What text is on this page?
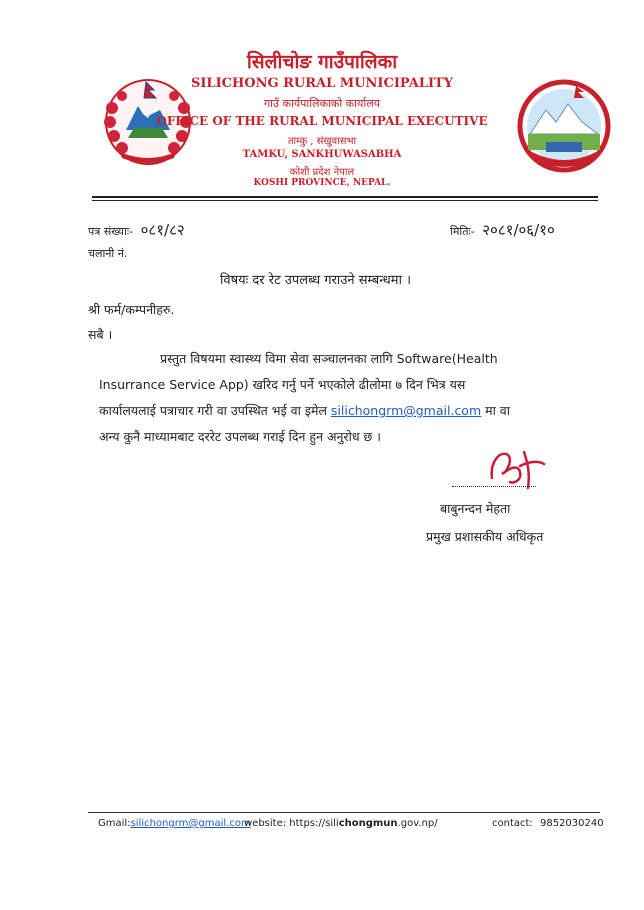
सिलीचोङ गाउँपालिका
SILICHONG RURAL MUNICIPALITY
गाउँ कार्यपालिकाको कार्यालय
OFFICE OF THE RURAL MUNICIPAL EXECUTIVE
ताम्कु , संखुवासभा
TAMKU, SANKHUWASABHA
कोशी प्रदेश नेपाल
KOSHI PROVINCE, NEPAL.
पत्र संख्याः- ०८१/८२	मितिः- २०८१/०६/१०
चलानी नं.
विषयः दर रेट उपलब्ध गराउने सम्बन्धमा ।
श्री फर्म/कम्पनीहरु.
सबै ।
प्रस्तुत विषयमा स्वास्थ्य विमा सेवा सञ्चालनका लागि Software(Health
Insurrance Service App) खरिद गर्नु पर्ने भएकोले ढीलोमा ७ दिन भित्र यस
कार्यालयलाई पत्राचार गरी वा उपस्थित भई वा इमेल silichongrm@gmail.com मा वा
अन्य कुनै माध्यामबाट दररेट उपलब्ध गराई दिन हुन अनुरोध छ ।
बाबुनन्दन मेहता
प्रमुख प्रशासकीय अधिकृत
Gmail:silichongrm@gmail.com
website: https://silichongmun.gov.np/	contact: 9852030240
